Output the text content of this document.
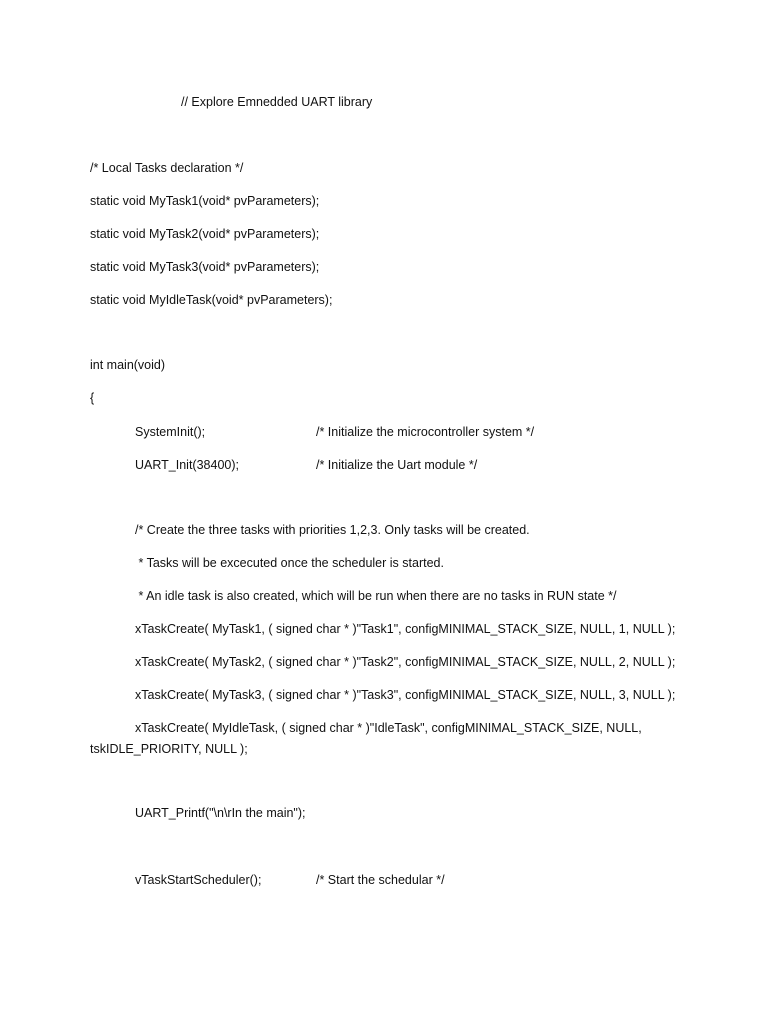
// Explore Emnedded UART library
/* Local Tasks declaration */
static void MyTask1(void* pvParameters);
static void MyTask2(void* pvParameters);
static void MyTask3(void* pvParameters);
static void MyIdleTask(void* pvParameters);
int main(void)
{
SystemInit();	/* Initialize the microcontroller system */
UART_Init(38400);	/* Initialize the Uart module */
/* Create the three tasks with priorities 1,2,3. Only tasks will be created.
* Tasks will be excecuted once the scheduler is started.
* An idle task is also created, which will be run when there are no tasks in RUN state */
xTaskCreate( MyTask1, ( signed char * )"Task1", configMINIMAL_STACK_SIZE, NULL, 1, NULL );
xTaskCreate( MyTask2, ( signed char * )"Task2", configMINIMAL_STACK_SIZE, NULL, 2, NULL );
xTaskCreate( MyTask3, ( signed char * )"Task3", configMINIMAL_STACK_SIZE, NULL, 3, NULL );
xTaskCreate( MyIdleTask, ( signed char * )"IdleTask", configMINIMAL_STACK_SIZE, NULL,
tskIDLE_PRIORITY, NULL );
UART_Printf("\n\rIn the main");
vTaskStartScheduler();	/* Start the schedular */
